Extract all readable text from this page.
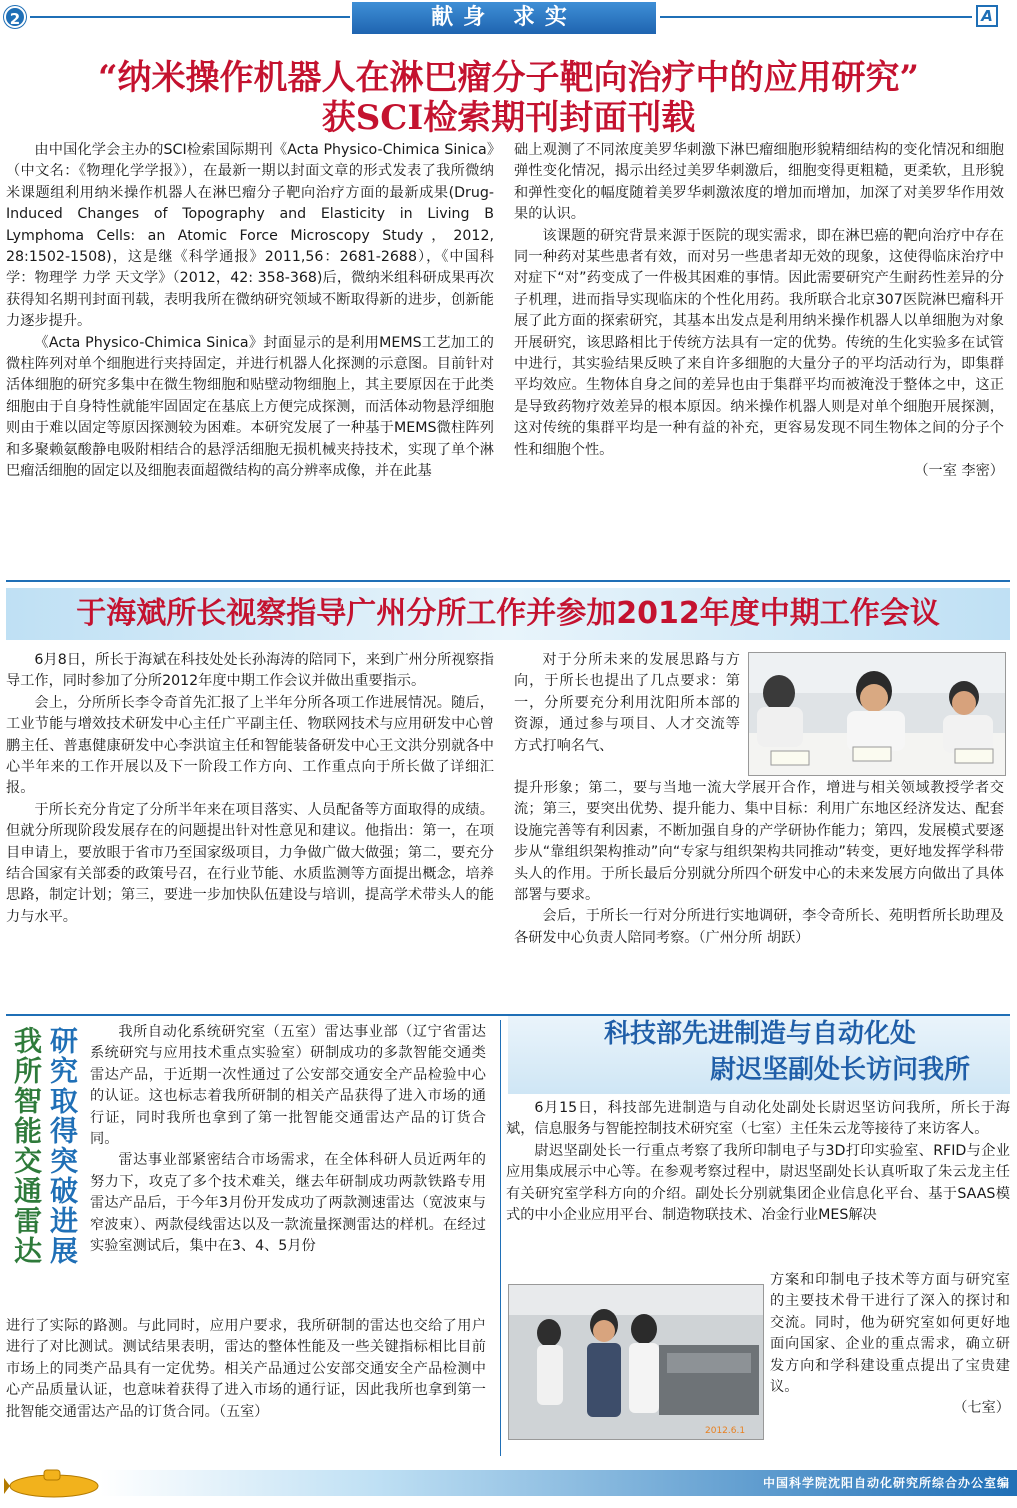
2	献身 求实	A
“纳米操作机器人在淋巴瘤分子靶向治疗中的应用研究”
获SCI检索期刊封面刊载

由中国化学会主办的SCI检索国际期刊《Acta Physico-Chimica Sinica》（中文名：《物理化学学报》），在最新一期以封面文章的形式发表了我所微纳米课题组利用纳米操作机器人在淋巴瘤分子靶向治疗方面的最新成果(Drug-Induced Changes of Topography and Elasticity in Living B Lymphoma Cells: an Atomic Force Microscopy Study，2012, 28:1502-1508)，这是继《科学通报》2011,56：2681-2688），《中国科学：物理学 力学 天文学》（2012，42: 358-368)后，微纳米组科研成果再次获得知名期刊封面刊载，表明我所在微纳研究领域不断取得新的进步，创新能力逐步提升。

《Acta Physico-Chimica Sinica》封面显示的是利用MEMS工艺加工的微柱阵列对单个细胞进行夹持固定，并进行机器人化探测的示意图。目前针对活体细胞的研究多集中在微生物细胞和贴壁动物细胞上，其主要原因在于此类细胞由于自身特性就能牢固固定在基底上方便完成探测，而活体动物悬浮细胞则由于难以固定等原因探测较为困难。本研究发展了一种基于MEMS微柱阵列和多聚赖氨酸静电吸附相结合的悬浮活细胞无损机械夹持技术，实现了单个淋巴瘤活细胞的固定以及细胞表面超微结构的高分辨率成像，并在此基

础上观测了不同浓度美罗华刺激下淋巴瘤细胞形貌精细结构的变化情况和细胞弹性变化情况，揭示出经过美罗华刺激后，细胞变得更粗糙，更柔软，且形貌和弹性变化的幅度随着美罗华刺激浓度的增加而增加，加深了对美罗华作用效果的认识。

该课题的研究背景来源于医院的现实需求，即在淋巴癌的靶向治疗中存在同一种药对某些患者有效，而对另一些患者却无效的现象，这使得临床治疗中对症下“对”药变成了一件极其困难的事情。因此需要研究产生耐药性差异的分子机理，进而指导实现临床的个性化用药。我所联合北京307医院淋巴瘤科开展了此方面的探索研究，其基本出发点是利用纳米操作机器人以单细胞为对象开展研究，该思路相比于传统方法具有一定的优势。传统的生化实验多在试管中进行，其实验结果反映了来自许多细胞的大量分子的平均活动行为，即集群平均效应。生物体自身之间的差异也由于集群平均而被淹没于整体之中，这正是导致药物疗效差异的根本原因。纳米操作机器人则是对单个细胞开展探测，这对传统的集群平均是一种有益的补充，更容易发现不同生物体之间的分子个性和细胞个性。

（一室 李密）

于海斌所长视察指导广州分所工作并参加2012年度中期工作会议

6月8日，所长于海斌在科技处处长孙海涛的陪同下，来到广州分所视察指导工作，同时参加了分所2012年度中期工作会议并做出重要指示。

会上，分所所长李令奇首先汇报了上半年分所各项工作进展情况。随后，工业节能与增效技术研发中心主任广平副主任、物联网技术与应用研发中心曾鹏主任、普惠健康研发中心李洪谊主任和智能装备研发中心王文洪分别就各中心半年来的工作开展以及下一阶段工作方向、工作重点向于所长做了详细汇报。

于所长充分肯定了分所半年来在项目落实、人员配备等方面取得的成绩。但就分所现阶段发展存在的问题提出针对性意见和建议。他指出：第一，在项目申请上，要放眼于省市乃至国家级项目，力争做广做大做强；第二，要充分结合国家有关部委的政策号召，在行业节能、水质监测等方面提出概念，培养思路，制定计划；第三，要进一步加快队伍建设与培训，提高学术带头人的能力与水平。

对于分所未来的发展思路与方向，于所长也提出了几点要求：第一，分所要充分利用沈阳所本部的资源，通过参与项目、人才交流等方式打响名气、

提升形象；第二，要与当地一流大学展开合作，增进与相关领域教授学者交流；第三，要突出优势、提升能力、集中目标：利用广东地区经济发达、配套设施完善等有利因素，不断加强自身的产学研协作能力；第四，发展模式要逐步从“靠组织架构推动”向“专家与组织架构共同推动”转变，更好地发挥学科带头人的作用。于所长最后分别就分所四个研发中心的未来发展方向做出了具体部署与要求。

会后，于所长一行对分所进行实地调研，李令奇所长、苑明哲所长助理及各研发中心负责人陪同考察。（广州分所 胡跃）

我所智能交通雷达 研究取得突破进展	我所自动化系统研究室（五室）雷达事业部（辽宁省雷达系统研究与应用技术重点实验室）研制成功的多款智能交通类雷达产品，于近期一次性通过了公安部交通安全产品检验中心的认证。这也标志着我所研制的相关产品获得了进入市场的通行证，同时我所也拿到了第一批智能交通雷达产品的订货合同。

雷达事业部紧密结合市场需求，在全体科研人员近两年的努力下，攻克了多个技术难关，继去年研制成功两款铁路专用雷达产品后，于今年3月份开发成功了两款测速雷达（宽波束与窄波束）、两款侵线雷达以及一款流量探测雷达的样机。在经过实验室测试后，集中在3、4、5月份

进行了实际的路测。与此同时，应用户要求，我所研制的雷达也交给了用户进行了对比测试。测试结果表明，雷达的整体性能及一些关键指标相比目前市场上的同类产品具有一定优势。相关产品通过公安部交通安全产品检测中心产品质量认证，也意味着获得了进入市场的通行证，因此我所也拿到第一批智能交通雷达产品的订货合同。（五室）

科技部先进制造与自动化处
尉迟坚副处长访问我所

6月15日，科技部先进制造与自动化处副处长尉迟坚访问我所，所长于海斌，信息服务与智能控制技术研究室（七室）主任朱云龙等接待了来访客人。

尉迟坚副处长一行重点考察了我所印制电子与3D打印实验室、RFID与企业应用集成展示中心等。在参观考察过程中，尉迟坚副处长认真听取了朱云龙主任有关研究室学科方向的介绍。副处长分别就集团企业信息化平台、基于SAAS模式的中小企业应用平台、制造物联技术、冶金行业MES解决

2012.6.1

方案和印制电子技术等方面与研究室的主要技术骨干进行了深入的探讨和交流。同时，他为研究室如何更好地面向国家、企业的重点需求，确立研发方向和学科建设重点提出了宝贵建议。

（七室）

中国科学院沈阳自动化研究所综合办公室编
